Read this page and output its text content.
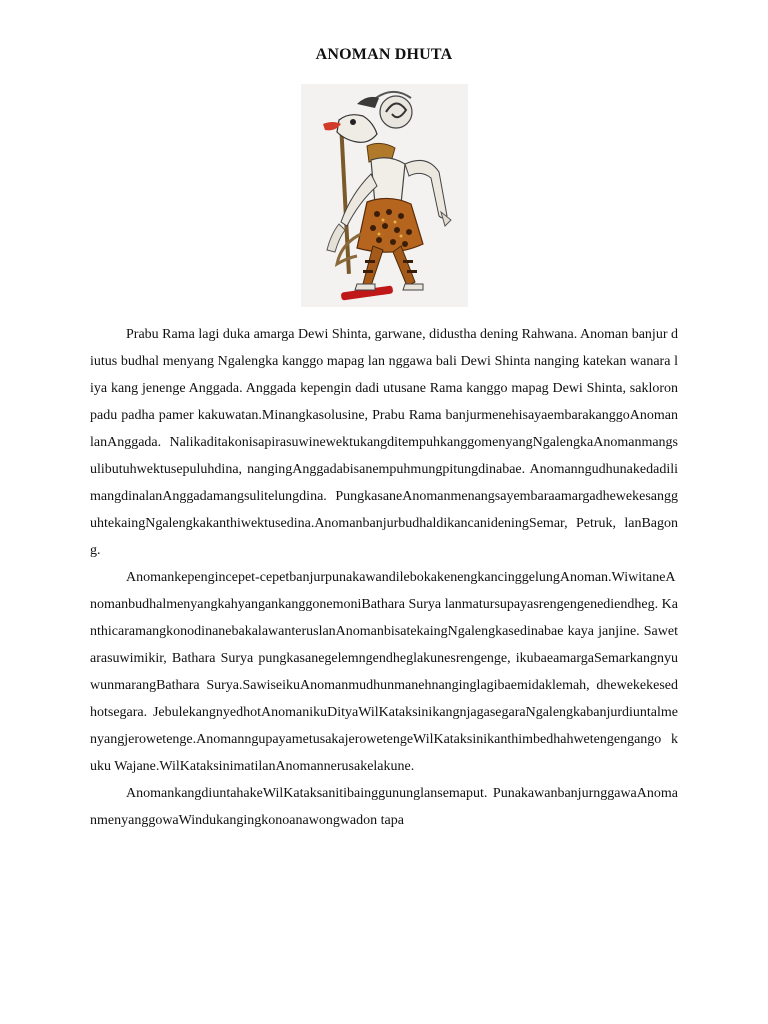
ANOMAN DHUTA

Prabu Rama lagi duka amarga Dewi Shinta, garwane, didustha dening Rahwana. Anoman banjur diutus budhal menyang Ngalengka kanggo mapag lan nggawa bali Dewi Shinta nanging katekan wanara liya kang jenenge Anggada. Anggada kepengin dadi utusane Rama kanggo mapag Dewi Shinta, sakloron padu padha pamer kakuwatan.Minangkasolusine, Prabu Rama banjurmenehisayaembarakanggoAnomanlanAnggada. NalikaditakonisapirasuwinewektukangditempuhkanggomenyangNgalengkaAnomanmangsulibutuhwektusepuluhdina, nangingAnggadabisanempuhmungpitungdinabae. AnomanngudhunakedadilimangdinalanAnggadamangsulitelungdina. PungkasaneAnomanmenangsayembaraamargadhewekesangguhtekaingNgalengkakanthiwektusedina.AnomanbanjurbudhaldikancanideningSemar, Petruk, lanBagong.

Anomankepengincepet-cepetbanjurpunakawandilebokakenengkancinggelungAnoman.WiwitaneAnomanbudhalmenyangkahyangankanggonemoniBathara Surya lanmatursupayasrengengenediendheg. KanthicaramangkonodinanebakalawanteruslanAnomanbisatekaingNgalengkasedinabae kaya janjine. Sawetarasuwimikir, Bathara Surya pungkasanegelemngendheglakunesrengenge, ikubaeamargaSemarkangnyuwunmarangBathara Surya.SawiseikuAnomanmudhunmanehnanginglagibaemidaklemah, dhewekekesedhotsegara. JebulekangnyedhotAnomanikuDityaWilKataksinikangnjagasegaraNgalengkabanjurdiuntalmenyangjerowetenge.AnomanngupayametusakajerowetengeWilKataksinikanthimbedhahwetengengango kuku Wajane.WilKataksinimatilanAnomannerusakelakune.

AnomankangdiuntahakeWilKataksanitibainggununglansemaput. PunakawanbanjurnggawaAnomanmenyanggowaWindukangingkonoanawongwadon tapa
